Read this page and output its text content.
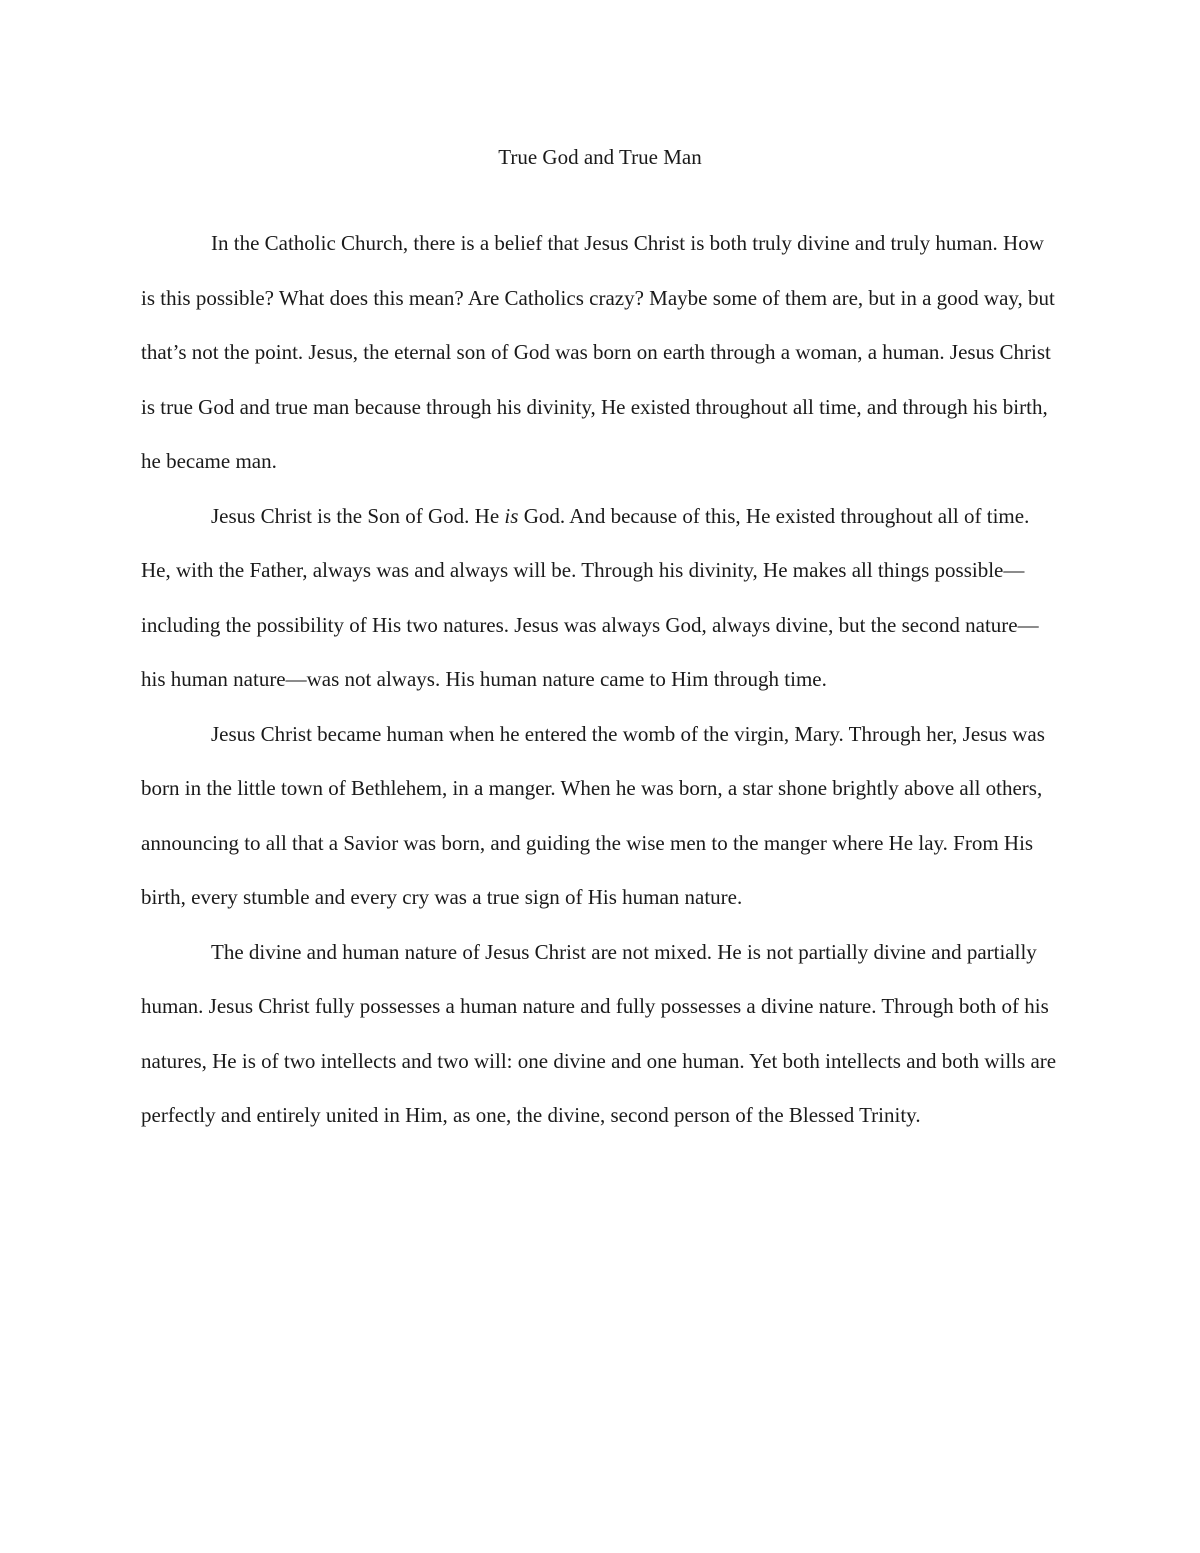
True God and True Man

In the Catholic Church, there is a belief that Jesus Christ is both truly divine and truly human. How is this possible? What does this mean? Are Catholics crazy? Maybe some of them are, but in a good way, but that’s not the point. Jesus, the eternal son of God was born on earth through a woman, a human. Jesus Christ is true God and true man because through his divinity, He existed throughout all time, and through his birth, he became man.

Jesus Christ is the Son of God. He is God. And because of this, He existed throughout all of time. He, with the Father, always was and always will be. Through his divinity, He makes all things possible—including the possibility of His two natures. Jesus was always God, always divine, but the second nature—his human nature—was not always. His human nature came to Him through time.

Jesus Christ became human when he entered the womb of the virgin, Mary. Through her, Jesus was born in the little town of Bethlehem, in a manger. When he was born, a star shone brightly above all others, announcing to all that a Savior was born, and guiding the wise men to the manger where He lay. From His birth, every stumble and every cry was a true sign of His human nature.

The divine and human nature of Jesus Christ are not mixed. He is not partially divine and partially human. Jesus Christ fully possesses a human nature and fully possesses a divine nature. Through both of his natures, He is of two intellects and two will: one divine and one human. Yet both intellects and both wills are perfectly and entirely united in Him, as one, the divine, second person of the Blessed Trinity.
